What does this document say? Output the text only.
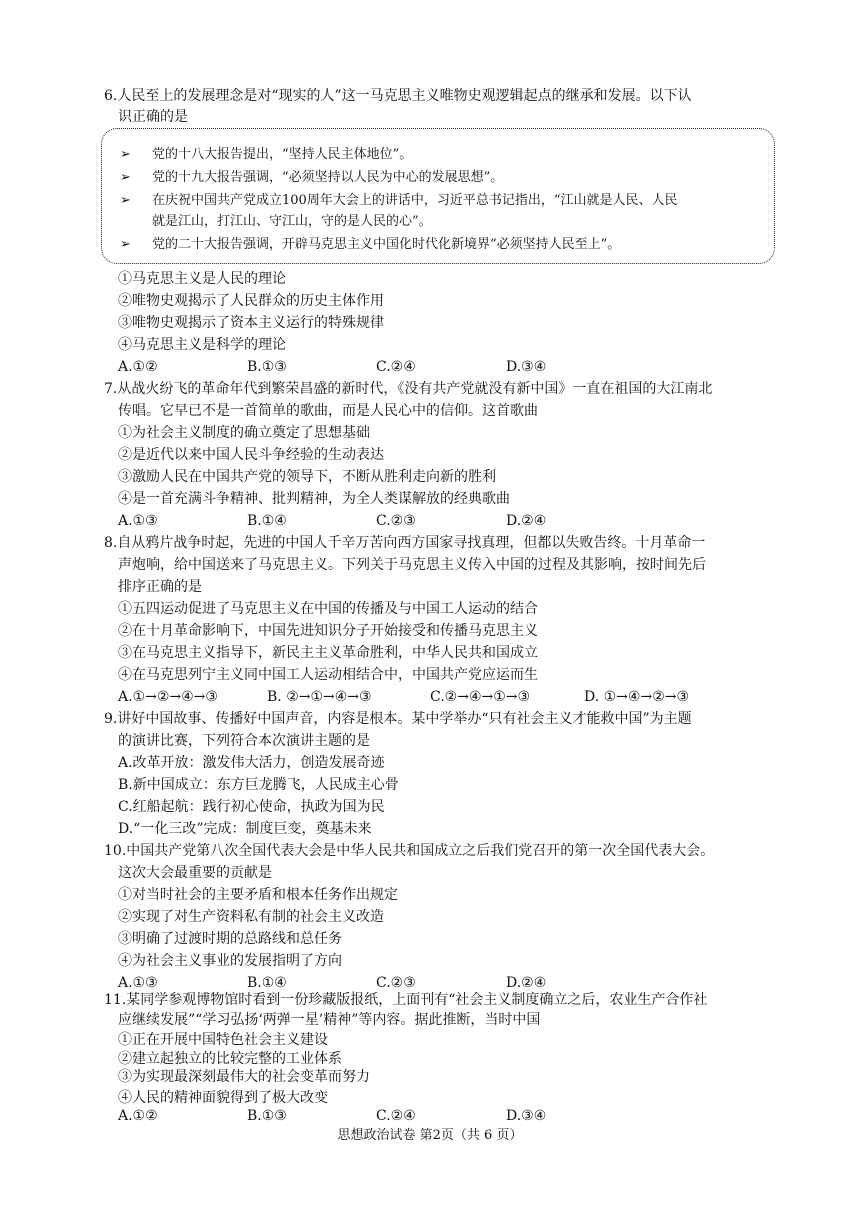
6.人民至上的发展理念是对“现实的人”这一马克思主义唯物史观逻辑起点的继承和发展。以下认
识正确的是
➢ 党的十八大报告提出，“坚持人民主体地位”。
➢ 党的十九大报告强调，“必须坚持以人民为中心的发展思想”。
➢ 在庆祝中国共产党成立100周年大会上的讲话中，习近平总书记指出，“江山就是人民、人民
就是江山，打江山、守江山，守的是人民的心”。
➢ 党的二十大报告强调，开辟马克思主义中国化时代化新境界“必须坚持人民至上”。
①马克思主义是人民的理论
②唯物史观揭示了人民群众的历史主体作用
③唯物史观揭示了资本主义运行的特殊规律
④马克思主义是科学的理论
A.①②	B.①③	C.②④	D.③④
7.从战火纷飞的革命年代到繁荣昌盛的新时代，《没有共产党就没有新中国》一直在祖国的大江南北
传唱。它早已不是一首简单的歌曲，而是人民心中的信仰。这首歌曲
①为社会主义制度的确立奠定了思想基础
②是近代以来中国人民斗争经验的生动表达
③激励人民在中国共产党的领导下，不断从胜利走向新的胜利
④是一首充满斗争精神、批判精神，为全人类谋解放的经典歌曲
A.①③	B.①④	C.②③	D.②④
8.自从鸦片战争时起，先进的中国人千辛万苦向西方国家寻找真理，但都以失败告终。十月革命一
声炮响，给中国送来了马克思主义。下列关于马克思主义传入中国的过程及其影响，按时间先后
排序正确的是
①五四运动促进了马克思主义在中国的传播及与中国工人运动的结合
②在十月革命影响下，中国先进知识分子开始接受和传播马克思主义
③在马克思主义指导下，新民主主义革命胜利，中华人民共和国成立
④在马克思列宁主义同中国工人运动相结合中，中国共产党应运而生
A.①→②→④→③	B. ②→①→④→③	C.②→④→①→③	D. ①→④→②→③
9.讲好中国故事、传播好中国声音，内容是根本。某中学举办“只有社会主义才能救中国”为主题
的演讲比赛，下列符合本次演讲主题的是
A.改革开放：激发伟大活力，创造发展奇迹
B.新中国成立：东方巨龙腾飞，人民成主心骨
C.红船起航：践行初心使命，执政为国为民
D.“一化三改”完成：制度巨变，奠基未来
10.中国共产党第八次全国代表大会是中华人民共和国成立之后我们党召开的第一次全国代表大会。
这次大会最重要的贡献是
①对当时社会的主要矛盾和根本任务作出规定
②实现了对生产资料私有制的社会主义改造
③明确了过渡时期的总路线和总任务
④为社会主义事业的发展指明了方向
A.①③	B.①④	C.②③	D.②④
11.某同学参观博物馆时看到一份珍藏版报纸，上面刊有“社会主义制度确立之后，农业生产合作社
应继续发展”“学习弘扬‘两弹一星’精神”等内容。据此推断，当时中国
①正在开展中国特色社会主义建设
②建立起独立的比较完整的工业体系
③为实现最深刻最伟大的社会变革而努力
④人民的精神面貌得到了极大改变
思想政治试卷 第2页（共 6 页）
A.①②	B.①③	C.②④	D.③④
